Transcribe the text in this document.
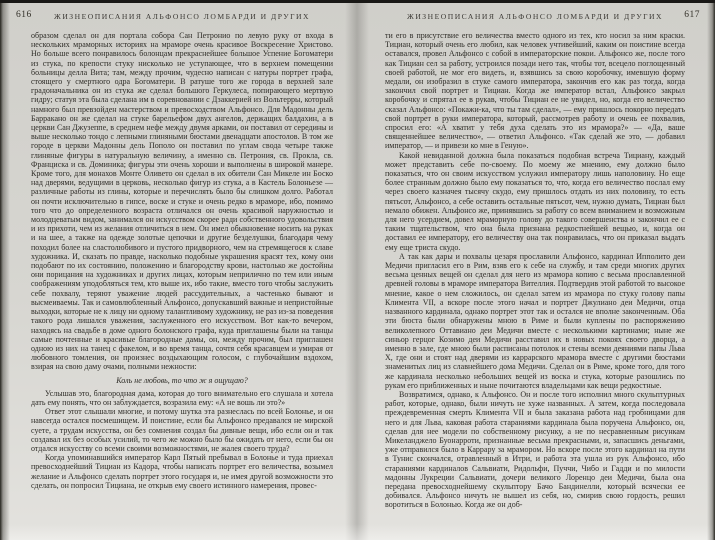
616	ЖИЗНЕОПИСАНИЯ АЛЬФОНСО ЛОМБАРДИ И ДРУГИХ

образом сделал он для портала собора Сан Петронио по левую руку от входа в нескольких мраморных историях на мраморе очень красивое Воскресение Христово. Но больше всего понравилось болонцам прекраснейшее большое Успение Богоматери из стука, по крепости стуку нисколько не уступающее, что в верхнем помещении больницы делла Вита; там, между прочим, чудесно написан с натуры портрет графа, стоящего у смертного одра Богоматери. В ратуше того же города в верхней зале градоначальника он из стука же сделал большого Геркулеса, попирающего мертвую гидру; статуя эта была сделана им в соревновании с Дзаккерией из Вольтерры, который намного был превзойден мастерством и превосходством Альфонсо. Для Мадонны дель Барракано он же сделал на стуке барельефом двух ангелов, держащих балдахин, а в церкви Сан Джузеппе, в среднем нефе между двумя арками, он поставил от середины и выше несколько тондо с лепными глиняными бюстами двенадцати апостолов. В том же городе в церкви Мадонны дель Пополо он поставил по углам свода четыре также глиняные фигуры в натуральную величину, а именно св. Петрония, св. Прокла, св. Франциска и св. Доминика; фигуры эти очень хороши и выполнены в широкой манере. Кроме того, для монахов Монте Оливето он сделал в их обители Сан Микеле ин Боско над дверями, ведущими в церковь, несколько фигур из стука, а в Кастель Болоньезе — различные работы из глины, которые и перечислять было бы слишком долго. Работал он почти исключительно в гипсе, воске и стуке и очень редко в мраморе, ибо, помимо того что до определенного возраста отличался он очень красивой наружностью и молодцеватым видом, занимался он искусством скорее ради собственного удовольствия и из прихоти, чем из желания отличиться в нем. Он имел обыкновение носить на руках и на шее, а также на одежде золотые цепочки и другие безделушки, благодаря чему походил более на сластолюбивого и пустого придворного, чем на стремящегося к славе художника. И, сказать по правде, насколько подобные украшения красят тех, кому они подобают по их состоянию, положению и благородству крови, настолько же достойны они порицания на художниках и других лицах, которым неприлично по тем или иным соображениям уподобляться тем, кто выше их, ибо такие, вместо того чтобы заслужить себе похвалу, теряют уважение людей рассудительных, а частенько бывают и высмеиваемы. Так и самовлюбленный Альфонсо, допускавший важные и непристойные выходки, которые не к лицу ни одному талантливому художнику, не раз из-за поведения такого рода лишался уважения, заслуженного его искусством. Вот как-то вечером, находясь на свадьбе в доме одного болонского графа, куда приглашены были на танцы самые почтенные и красивые благородные дамы, он, между прочим, был приглашен одною из них на танец с факелом, и во время танца, сочтя себя красавцем и умирая от любовного томления, он произнес воздыхающим голосом, с глубочайшим вздохом, взирая на свою даму очами, полными нежности:

Коль не любовь, то что ж я ощущаю?

Услышав это, благородная дама, которая до того внимательно его слушала и хотела дать ему понять, что он заблуждается, возразила ему: «А не вошь ли это?»

Ответ этот слышали многие, и потому шутка эта разнеслась по всей Болонье, и он навсегда остался посмешищем. И поистине, если бы Альфонсо предавался не мирской суете, а трудам искусства, он без сомнения создал бы дивные вещи, ибо если он и так создавал их без особых усилий, то чего же можно было бы ожидать от него, если бы он отдался искусству со всеми своими возможностями, не жалея своего труда?

Когда упоминавшийся император Карл Пятый пребывал в Болонье и туда приехал превосходнейший Тициан из Кадора, чтобы написать портрет его величества, возымел желание и Альфонсо сделать портрет этого государя и, не имея другой возможности это сделать, он попросил Тициана, не открыв ему своего истинного намерения, провес-

617
ЖИЗНЕОПИСАНИЯ АЛЬФОНСО ЛОМБАРДИ И ДРУГИХ

ти его в присутствие его величества вместо одного из тех, кто носил за ним краски. Тициан, который очень его любил, как человек учтивейший, каким он поистине всегда оставался, провел Альфонсо с собой в императорские покои. Альфонсо же, после того как Тициан сел за работу, устроился позади него так, чтобы тот, всецело поглощенный своей работой, не мог его видеть, и, взявшись за свою коробочку, имевшую форму медали, он изобразил в стуке самого императора, закончив его как раз тогда, когда закончил свой портрет и Тициан. Когда же император встал, Альфонсо закрыл коробочку и спрятал ее в рукав, чтобы Тициан ее не увидел, но, когда его величество сказал Альфонсо: «Покажи-ка, что ты там сделал», — ему пришлось покорно передать свой портрет в руки императора, который, рассмотрев работу и очень ее похвалив, спросил его: «А хватит у тебя духа сделать это из мрамора?» — «Да, ваше священнейшее величество», — ответил Альфонсо. «Так сделай же это, — добавил император, — и привези ко мне в Геную».

Какой невиданной должна была показаться подобная встреча Тициану, каждый может представить себе по-своему. По моему же мнению, ему должно было показаться, что он своим искусством услужил императору лишь наполовину. Но еще более странным должно было ему показаться то, что, когда его величество послал ему через своего казначея тысячу скудо, ему пришлось отдать из них половину, то есть пятьсот, Альфонсо, а себе оставить остальные пятьсот, чем, нужно думать, Тициан был немало обижен. Альфонсо же, принявшись за работу со всем вниманием и возможным для него усердием, довел мраморную голову до такого совершенства и закончил ее с таким тщательством, что она была признана редкостнейшей вещью, и, когда он доставил ее императору, его величеству она так понравилась, что он приказал выдать ему еще триста скудо.

А так как дары и похвалы цезаря прославили Альфонсо, кардинал Ипполито деи Медичи пригласил его в Рим, взяв его к себе на службу, и там среди многих других весьма ценных вещей он сделал для него из мрамора копию с весьма прославленной древней головы в мраморе императора Вителлия. Подтвердив этой работой то высокое мнение, какое о нем сложилось, он сделал затем из мрамора по стуку голову папы Климента VII, а вскоре после этого начал и портрет Джулиано деи Медичи, отца названного кардинала, однако портрет этот так и остался не вполне законченным. Оба эти бюста были обнаружены мною в Риме и были куплены по распоряжению великолепного Оттавиано деи Медичи вместе с несколькими картинами; ныне же синьор герцог Козимо деи Медичи расставил их в новых покоях своего дворца, а именно в зале, где мною были расписаны потолок и стены всеми деяниями папы Льва X, где они и стоят над дверями из каррарского мрамора вместе с другими бюстами знаменитых лиц из славнейшего дома Медичи. Сделал он в Риме, кроме того, для того же кардинала несколько небольших вещей из воска и стука, которые разошлись по рукам его приближенных и ныне почитаются владельцами как вещи редкостные.

Возвратимся, однако, к Альфонсо. Он и после того исполнил много скульптурных работ, которые, однако, были ничуть не хуже названных. А затем, когда последовала преждевременная смерть Климента VII и была заказана работа над гробницами для него и для Льва, каковая работа стараниями кардинала была поручена Альфонсо, он, сделав для нее модели по собственному рисунку, а не по несравненным рисункам Микеланджело Буонарроти, признанные весьма прекрасными, и, запасшись деньгами, уже отправился было в Каррару за мрамором. Но вскоре после этого кардинал на пути в Тунис скончался, отравленный в Итри, и работа эта ушла из рук Альфонсо, ибо стараниями кардиналов Сальвиати, Ридольфи, Пуччи, Чибо и Гадди и по милости мадонны Лукреции Сальвиати, дочери великого Лоренцо деи Медичи, была она передана превосходнейшему скульптору Бачо Бандинелли, который всячески ее добивался. Альфонсо ничуть не вышел из себя, но, смирив свою гордость, решил воротиться в Болонью. Когда же он доб-
